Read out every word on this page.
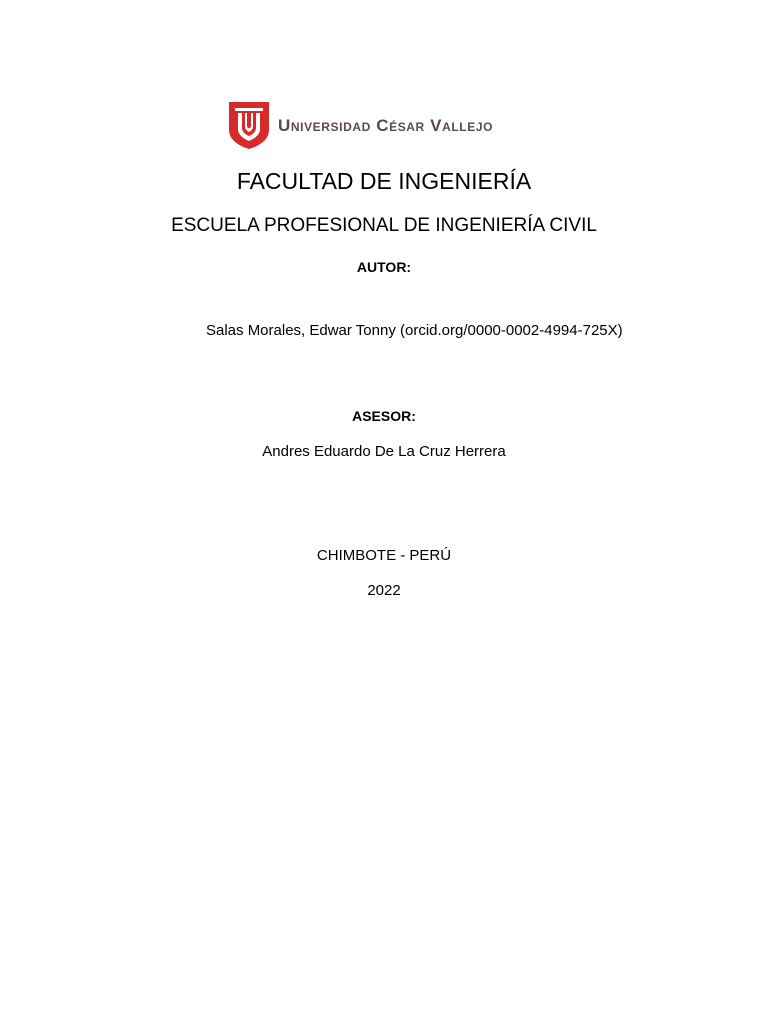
Universidad César Vallejo
FACULTAD DE INGENIERÍA
ESCUELA PROFESIONAL DE INGENIERÍA CIVIL
AUTOR:
Salas Morales, Edwar Tonny (orcid.org/0000-0002-4994-725X)
ASESOR:
Andres Eduardo De La Cruz Herrera
CHIMBOTE - PERÚ
2022
